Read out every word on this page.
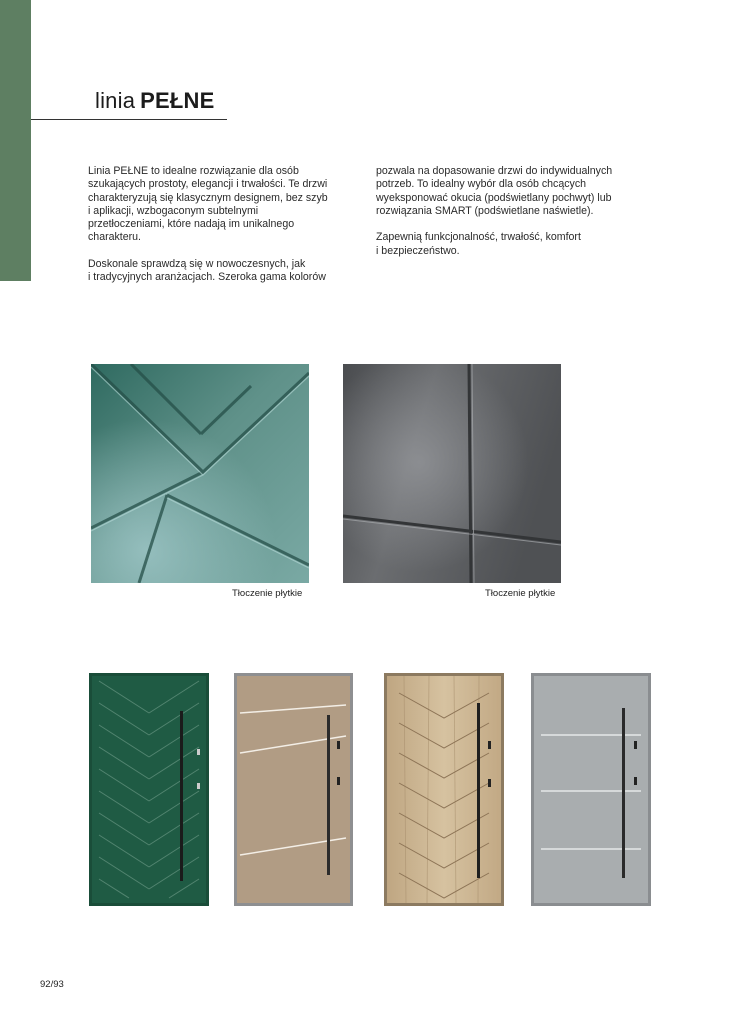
linia PEŁNE

Linia PEŁNE to idealne rozwiązanie dla osób
szukających prostoty, elegancji i trwałości. Te drzwi
charakteryzują się klasycznym designem, bez szyb
i aplikacji, wzbogaconym subtelnymi
przetłoczeniami, które nadają im unikalnego
charakteru.

Doskonale sprawdzą się w nowoczesnych, jak
i tradycyjnych aranżacjach. Szeroka gama kolorów

pozwala na dopasowanie drzwi do indywidualnych
potrzeb. To idealny wybór dla osób chcących
wyeksponować okucia (podświetlany pochwyt) lub
rozwiązania SMART (podświetlane naświetle).

Zapewnią funkcjonalność, trwałość, komfort
i bezpieczeństwo.

Tłoczenie płytkie	Tłoczenie płytkie
92/93
